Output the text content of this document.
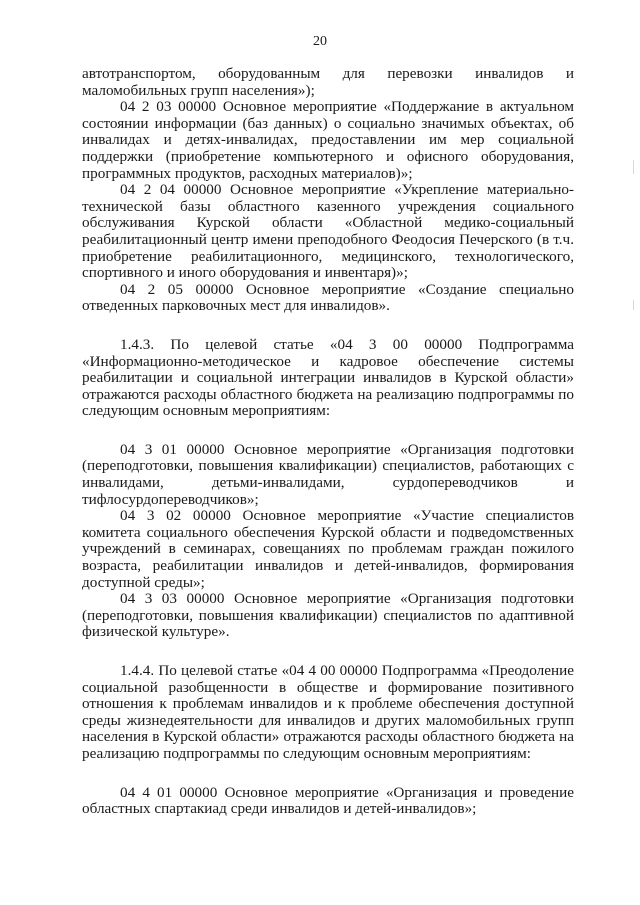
20

автотранспортом, оборудованным для перевозки инвалидов и маломобильных групп населения»);

04 2 03 00000 Основное мероприятие «Поддержание в актуальном состоянии информации (баз данных) о социально значимых объектах, об инвалидах и детях-инвалидах, предоставлении им мер социальной поддержки (приобретение компьютерного и офисного оборудования, программных продуктов, расходных материалов)»;

04 2 04 00000 Основное мероприятие «Укрепление материально-технической базы областного казенного учреждения социального обслуживания Курской области «Областной медико-социальный реабилитационный центр имени преподобного Феодосия Печерского (в т.ч. приобретение реабилитационного, медицинского, технологического, спортивного и иного оборудования и инвентаря)»;

04 2 05 00000 Основное мероприятие «Создание специально отведенных парковочных мест для инвалидов».

1.4.3. По целевой статье «04 3 00 00000 Подпрограмма «Информационно-методическое и кадровое обеспечение системы реабилитации и социальной интеграции инвалидов в Курской области» отражаются расходы областного бюджета на реализацию подпрограммы по следующим основным мероприятиям:

04 3 01 00000 Основное мероприятие «Организация подготовки (переподготовки, повышения квалификации) специалистов, работающих с инвалидами, детьми-инвалидами, сурдопереводчиков и тифлосурдопереводчиков»;

04 3 02 00000 Основное мероприятие «Участие специалистов комитета социального обеспечения Курской области и подведомственных учреждений в семинарах, совещаниях по проблемам граждан пожилого возраста, реабилитации инвалидов и детей-инвалидов, формирования доступной среды»;

04 3 03 00000 Основное мероприятие «Организация подготовки (переподготовки, повышения квалификации) специалистов по адаптивной физической культуре».

1.4.4. По целевой статье «04 4 00 00000 Подпрограмма «Преодоление социальной разобщенности в обществе и формирование позитивного отношения к проблемам инвалидов и к проблеме обеспечения доступной среды жизнедеятельности для инвалидов и других маломобильных групп населения в Курской области» отражаются расходы областного бюджета на реализацию подпрограммы по следующим основным мероприятиям:

04 4 01 00000 Основное мероприятие «Организация и проведение областных спартакиад среди инвалидов и детей-инвалидов»;
